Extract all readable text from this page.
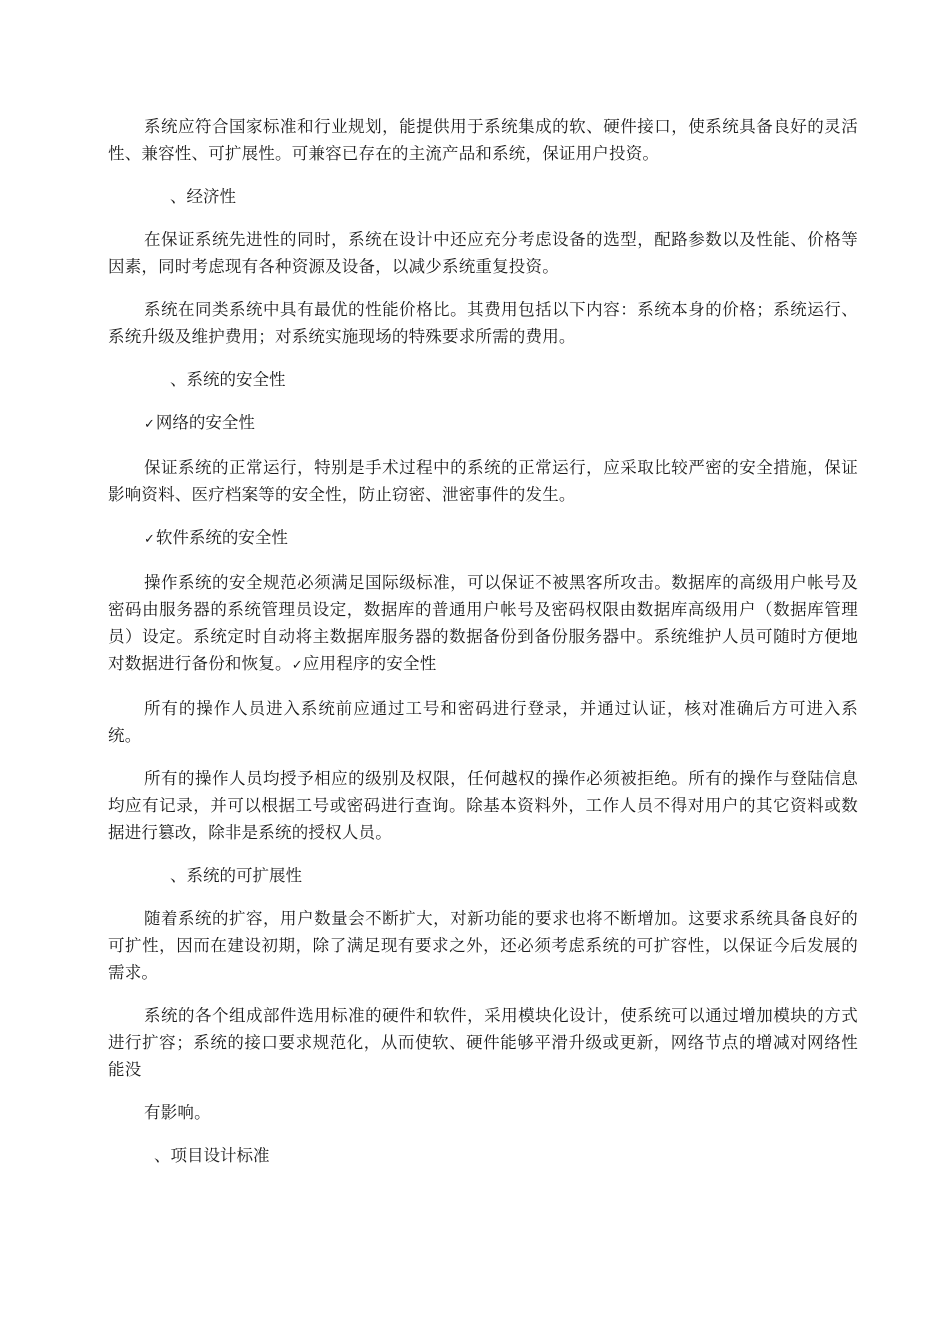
系统应符合国家标准和行业规划，能提供用于系统集成的软、硬件接口，使系统具备良好的灵活性、兼容性、可扩展性。可兼容已存在的主流产品和系统，保证用户投资。

、经济性

在保证系统先进性的同时，系统在设计中还应充分考虑设备的选型，配路参数以及性能、价格等因素，同时考虑现有各种资源及设备，以减少系统重复投资。

系统在同类系统中具有最优的性能价格比。其费用包括以下内容：系统本身的价格；系统运行、系统升级及维护费用；对系统实施现场的特殊要求所需的费用。

、系统的安全性

✓网络的安全性

保证系统的正常运行，特别是手术过程中的系统的正常运行，应采取比较严密的安全措施，保证影响资料、医疗档案等的安全性，防止窃密、泄密事件的发生。

✓软件系统的安全性

操作系统的安全规范必须满足国际级标准，可以保证不被黑客所攻击。数据库的高级用户帐号及密码由服务器的系统管理员设定，数据库的普通用户帐号及密码权限由数据库高级用户（数据库管理员）设定。系统定时自动将主数据库服务器的数据备份到备份服务器中。系统维护人员可随时方便地对数据进行备份和恢复。✓应用程序的安全性

所有的操作人员进入系统前应通过工号和密码进行登录，并通过认证，核对准确后方可进入系统。

所有的操作人员均授予相应的级别及权限，任何越权的操作必须被拒绝。所有的操作与登陆信息均应有记录，并可以根据工号或密码进行查询。除基本资料外，工作人员不得对用户的其它资料或数据进行篡改，除非是系统的授权人员。

、系统的可扩展性

随着系统的扩容，用户数量会不断扩大，对新功能的要求也将不断增加。这要求系统具备良好的可扩性，因而在建设初期，除了满足现有要求之外，还必须考虑系统的可扩容性，以保证今后发展的需求。

系统的各个组成部件选用标准的硬件和软件，采用模块化设计，使系统可以通过增加模块的方式进行扩容；系统的接口要求规范化，从而使软、硬件能够平滑升级或更新，网络节点的增减对网络性能没

有影响。

、项目设计标准
